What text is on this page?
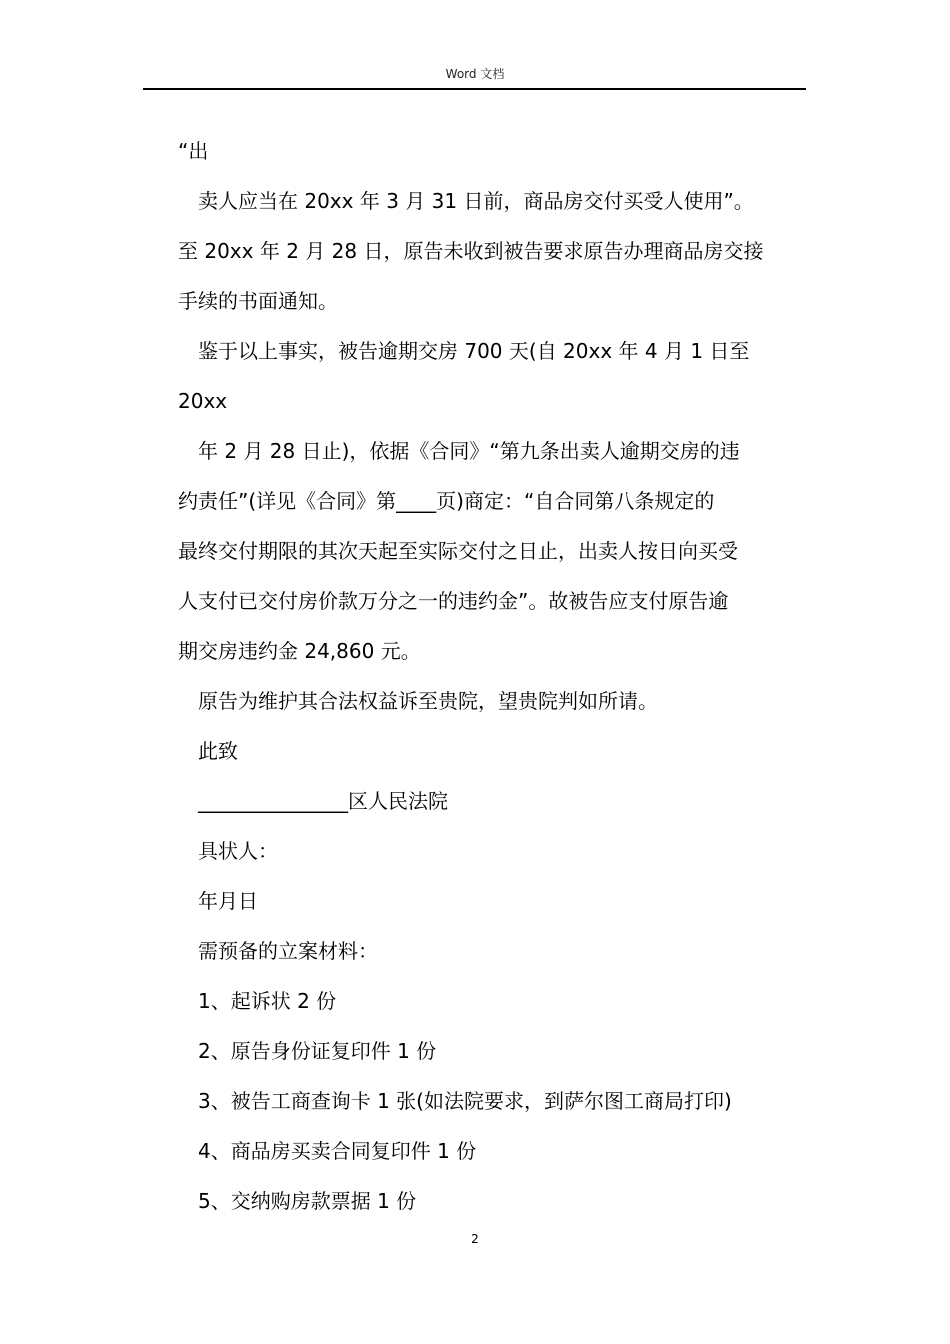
Word 文档
“出
卖人应当在 20xx 年 3 月 31 日前，商品房交付买受人使用”。
至 20xx 年 2 月 28 日，原告未收到被告要求原告办理商品房交接
手续的书面通知。
鉴于以上事实，被告逾期交房 700 天(自 20xx 年 4 月 1 日至
20xx
年 2 月 28 日止)，依据《合同》“第九条出卖人逾期交房的违
约责任”(详见《合同》第____页)商定：“自合同第八条规定的
最终交付期限的其次天起至实际交付之日止，出卖人按日向买受
人支付已交付房价款万分之一的违约金”。故被告应支付原告逾
期交房违约金 24,860 元。
原告为维护其合法权益诉至贵院，望贵院判如所请。
此致
_______________区人民法院
具状人：
年月日
需预备的立案材料：
1、起诉状 2 份
2、原告身份证复印件 1 份
3、被告工商查询卡 1 张(如法院要求，到萨尔图工商局打印)
4、商品房买卖合同复印件 1 份
5、交纳购房款票据 1 份
2
